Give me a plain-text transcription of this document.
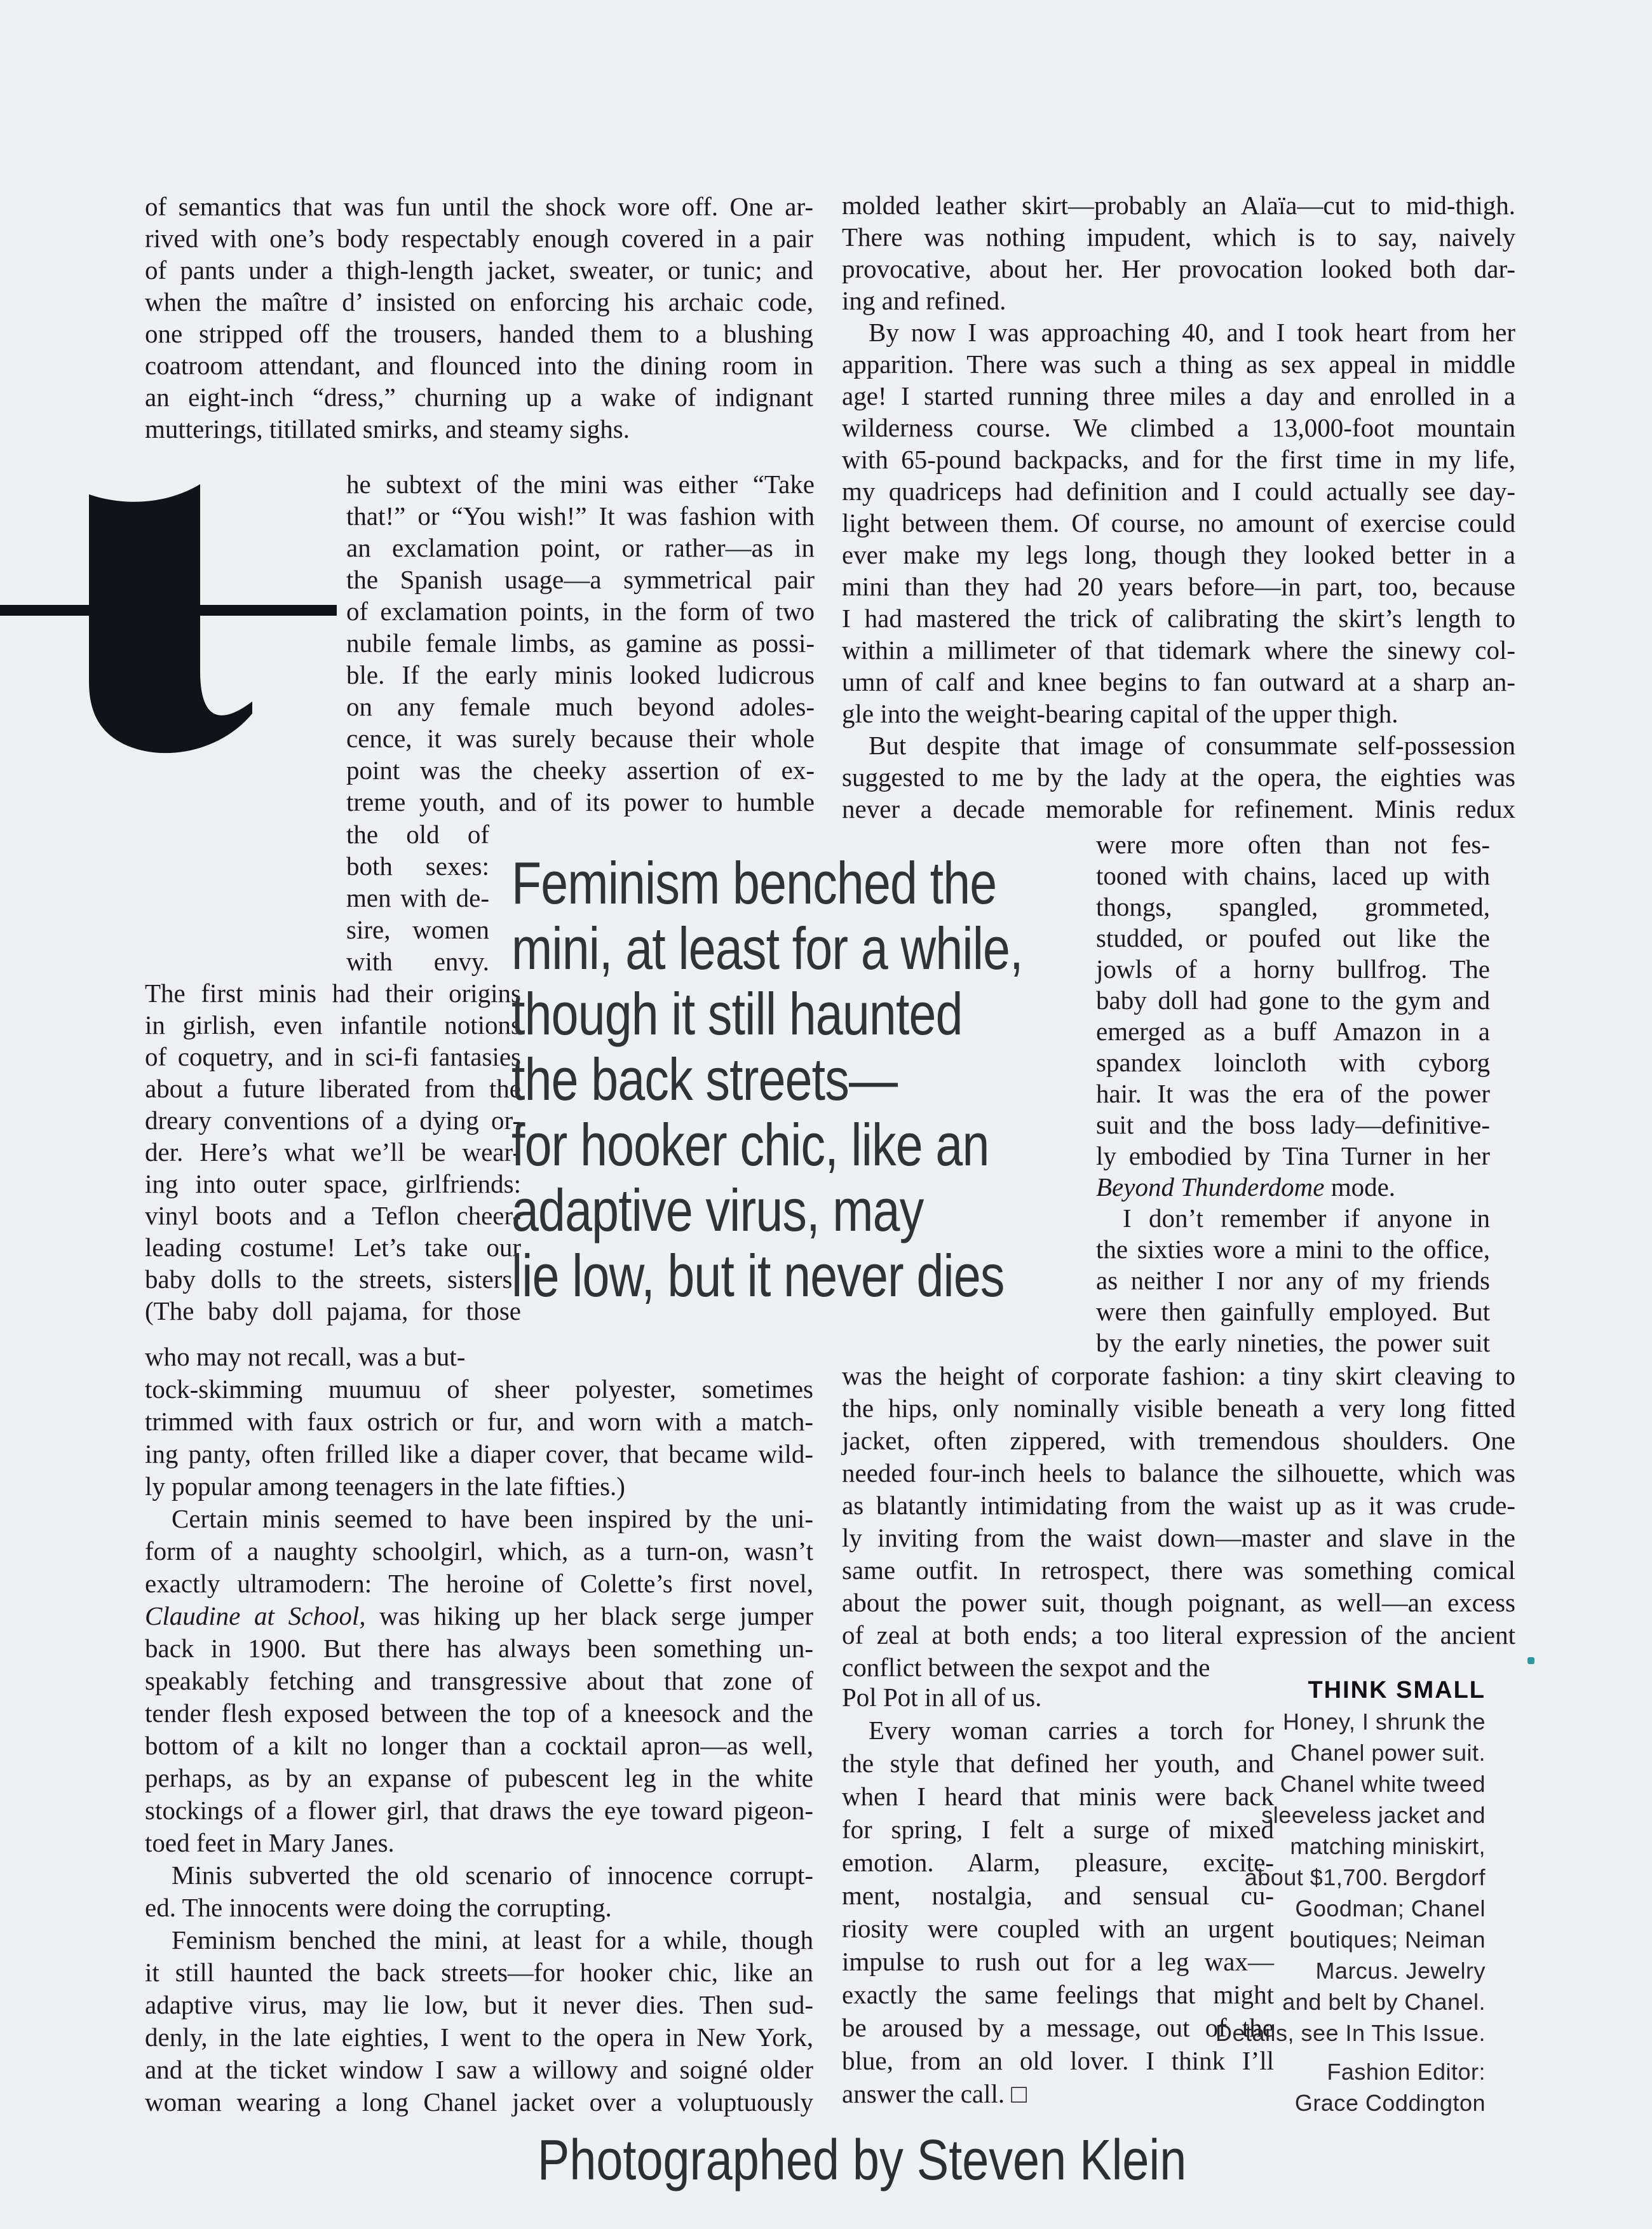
of semantics that was fun until the shock wore off. One ar-
rived with one’s body respectably enough covered in a pair
of pants under a thigh-length jacket, sweater, or tunic; and
when the maître d’ insisted on enforcing his archaic code,
one stripped off the trousers, handed them to a blushing
coatroom attendant, and flounced into the dining room in
an eight-inch “dress,” churning up a wake of indignant
mutterings, titillated smirks, and steamy sighs.
molded leather skirt—probably an Alaïa—cut to mid-thigh.
There was nothing impudent, which is to say, naively
provocative, about her. Her provocation looked both dar-
ing and refined.
By now I was approaching 40, and I took heart from her
apparition. There was such a thing as sex appeal in middle
age! I started running three miles a day and enrolled in a
wilderness course. We climbed a 13,000-foot mountain
with 65-pound backpacks, and for the first time in my life,
my quadriceps had definition and I could actually see day-
light between them. Of course, no amount of exercise could
ever make my legs long, though they looked better in a
mini than they had 20 years before—in part, too, because
I had mastered the trick of calibrating the skirt’s length to
within a millimeter of that tidemark where the sinewy col-
umn of calf and knee begins to fan outward at a sharp an-
gle into the weight-bearing capital of the upper thigh.
But despite that image of consummate self-possession
suggested to me by the lady at the opera, the eighties was
never a decade memorable for refinement. Minis redux
he subtext of the mini was either “Take
that!” or “You wish!” It was fashion with
an exclamation point, or rather—as in
the Spanish usage—a symmetrical pair
of exclamation points, in the form of two
nubile female limbs, as gamine as possi-
ble. If the early minis looked ludicrous
on any female much beyond adoles-
cence, it was surely because their whole
point was the cheeky assertion of ex-
treme youth, and of its power to humble
the old of
both sexes:
men with de-
sire, women
with envy.
The first minis had their origins
in girlish, even infantile notions
of coquetry, and in sci-fi fantasies
about a future liberated from the
dreary conventions of a dying or-
der. Here’s what we’ll be wear-
ing into outer space, girlfriends:
vinyl boots and a Teflon cheer-
leading costume! Let’s take our
baby dolls to the streets, sisters!
(The baby doll pajama, for those
who may not recall, was a but-
tock-skimming muumuu of sheer polyester, sometimes
trimmed with faux ostrich or fur, and worn with a match-
ing panty, often frilled like a diaper cover, that became wild-
ly popular among teenagers in the late fifties.)
Certain minis seemed to have been inspired by the uni-
form of a naughty schoolgirl, which, as a turn-on, wasn’t
exactly ultramodern: The heroine of Colette’s first novel,
Claudine at School, was hiking up her black serge jumper
back in 1900. But there has always been something un-
speakably fetching and transgressive about that zone of
tender flesh exposed between the top of a kneesock and the
bottom of a kilt no longer than a cocktail apron—as well,
perhaps, as by an expanse of pubescent leg in the white
stockings of a flower girl, that draws the eye toward pigeon-
toed feet in Mary Janes.
Minis subverted the old scenario of innocence corrupt-
ed. The innocents were doing the corrupting.
Feminism benched the mini, at least for a while, though
it still haunted the back streets—for hooker chic, like an
adaptive virus, may lie low, but it never dies. Then sud-
denly, in the late eighties, I went to the opera in New York,
and at the ticket window I saw a willowy and soigné older
woman wearing a long Chanel jacket over a voluptuously
were more often than not fes-
tooned with chains, laced up with
thongs, spangled, grommeted,
studded, or poufed out like the
jowls of a horny bullfrog. The
baby doll had gone to the gym and
emerged as a buff Amazon in a
spandex loincloth with cyborg
hair. It was the era of the power
suit and the boss lady—definitive-
ly embodied by Tina Turner in her
Beyond Thunderdome mode.
I don’t remember if anyone in
the sixties wore a mini to the office,
as neither I nor any of my friends
were then gainfully employed. But
by the early nineties, the power suit
was the height of corporate fashion: a tiny skirt cleaving to
the hips, only nominally visible beneath a very long fitted
jacket, often zippered, with tremendous shoulders. One
needed four-inch heels to balance the silhouette, which was
as blatantly intimidating from the waist up as it was crude-
ly inviting from the waist down—master and slave in the
same outfit. In retrospect, there was something comical
about the power suit, though poignant, as well—an excess
of zeal at both ends; a too literal expression of the ancient
conflict between the sexpot and the
Pol Pot in all of us.
Every woman carries a torch for
the style that defined her youth, and
when I heard that minis were back
for spring, I felt a surge of mixed
emotion. Alarm, pleasure, excite-
ment, nostalgia, and sensual cu-
riosity were coupled with an urgent
impulse to rush out for a leg wax—
exactly the same feelings that might
be aroused by a message, out of the
blue, from an old lover. I think I’ll
answer the call. □
Feminism benched the
mini, at least for a while,
though it still haunted
the back streets—
for hooker chic, like an
adaptive virus, may
lie low, but it never dies
THINK SMALL
Honey, I shrunk the
Chanel power suit.
Chanel white tweed
sleeveless jacket and
matching miniskirt,
about $1,700. Bergdorf
Goodman; Chanel
boutiques; Neiman
Marcus. Jewelry
and belt by Chanel.
Details, see In This Issue.
Fashion Editor:
Grace Coddington
Photographed by Steven Klein
